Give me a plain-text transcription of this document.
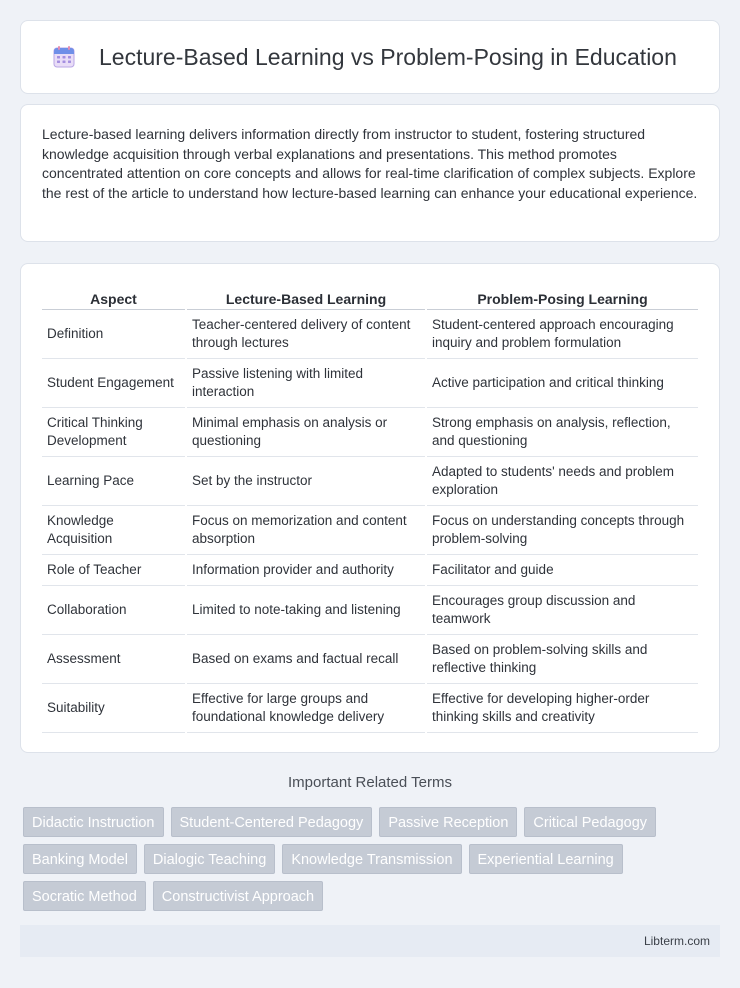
Lecture-Based Learning vs Problem-Posing in Education

Lecture-based learning delivers information directly from instructor to student, fostering structured knowledge acquisition through verbal explanations and presentations. This method promotes concentrated attention on core concepts and allows for real-time clarification of complex subjects. Explore the rest of the article to understand how lecture-based learning can enhance your educational experience.

Aspect	Lecture-Based Learning	Problem-Posing Learning
Definition	Teacher-centered delivery of content through lectures	Student-centered approach encouraging inquiry and problem formulation
Student Engagement	Passive listening with limited interaction	Active participation and critical thinking
Critical Thinking Development	Minimal emphasis on analysis or questioning	Strong emphasis on analysis, reflection, and questioning
Learning Pace	Set by the instructor	Adapted to students' needs and problem exploration
Knowledge Acquisition	Focus on memorization and content absorption	Focus on understanding concepts through problem-solving
Role of Teacher	Information provider and authority	Facilitator and guide
Collaboration	Limited to note-taking and listening	Encourages group discussion and teamwork
Assessment	Based on exams and factual recall	Based on problem-solving skills and reflective thinking
Suitability	Effective for large groups and foundational knowledge delivery	Effective for developing higher-order thinking skills and creativity
Important Related Terms
Didactic Instruction Student-Centered Pedagogy Passive Reception Critical PedagogyBanking Model Dialogic Teaching Knowledge Transmission Experiential LearningSocratic Method Constructivist Approach
Libterm.com
